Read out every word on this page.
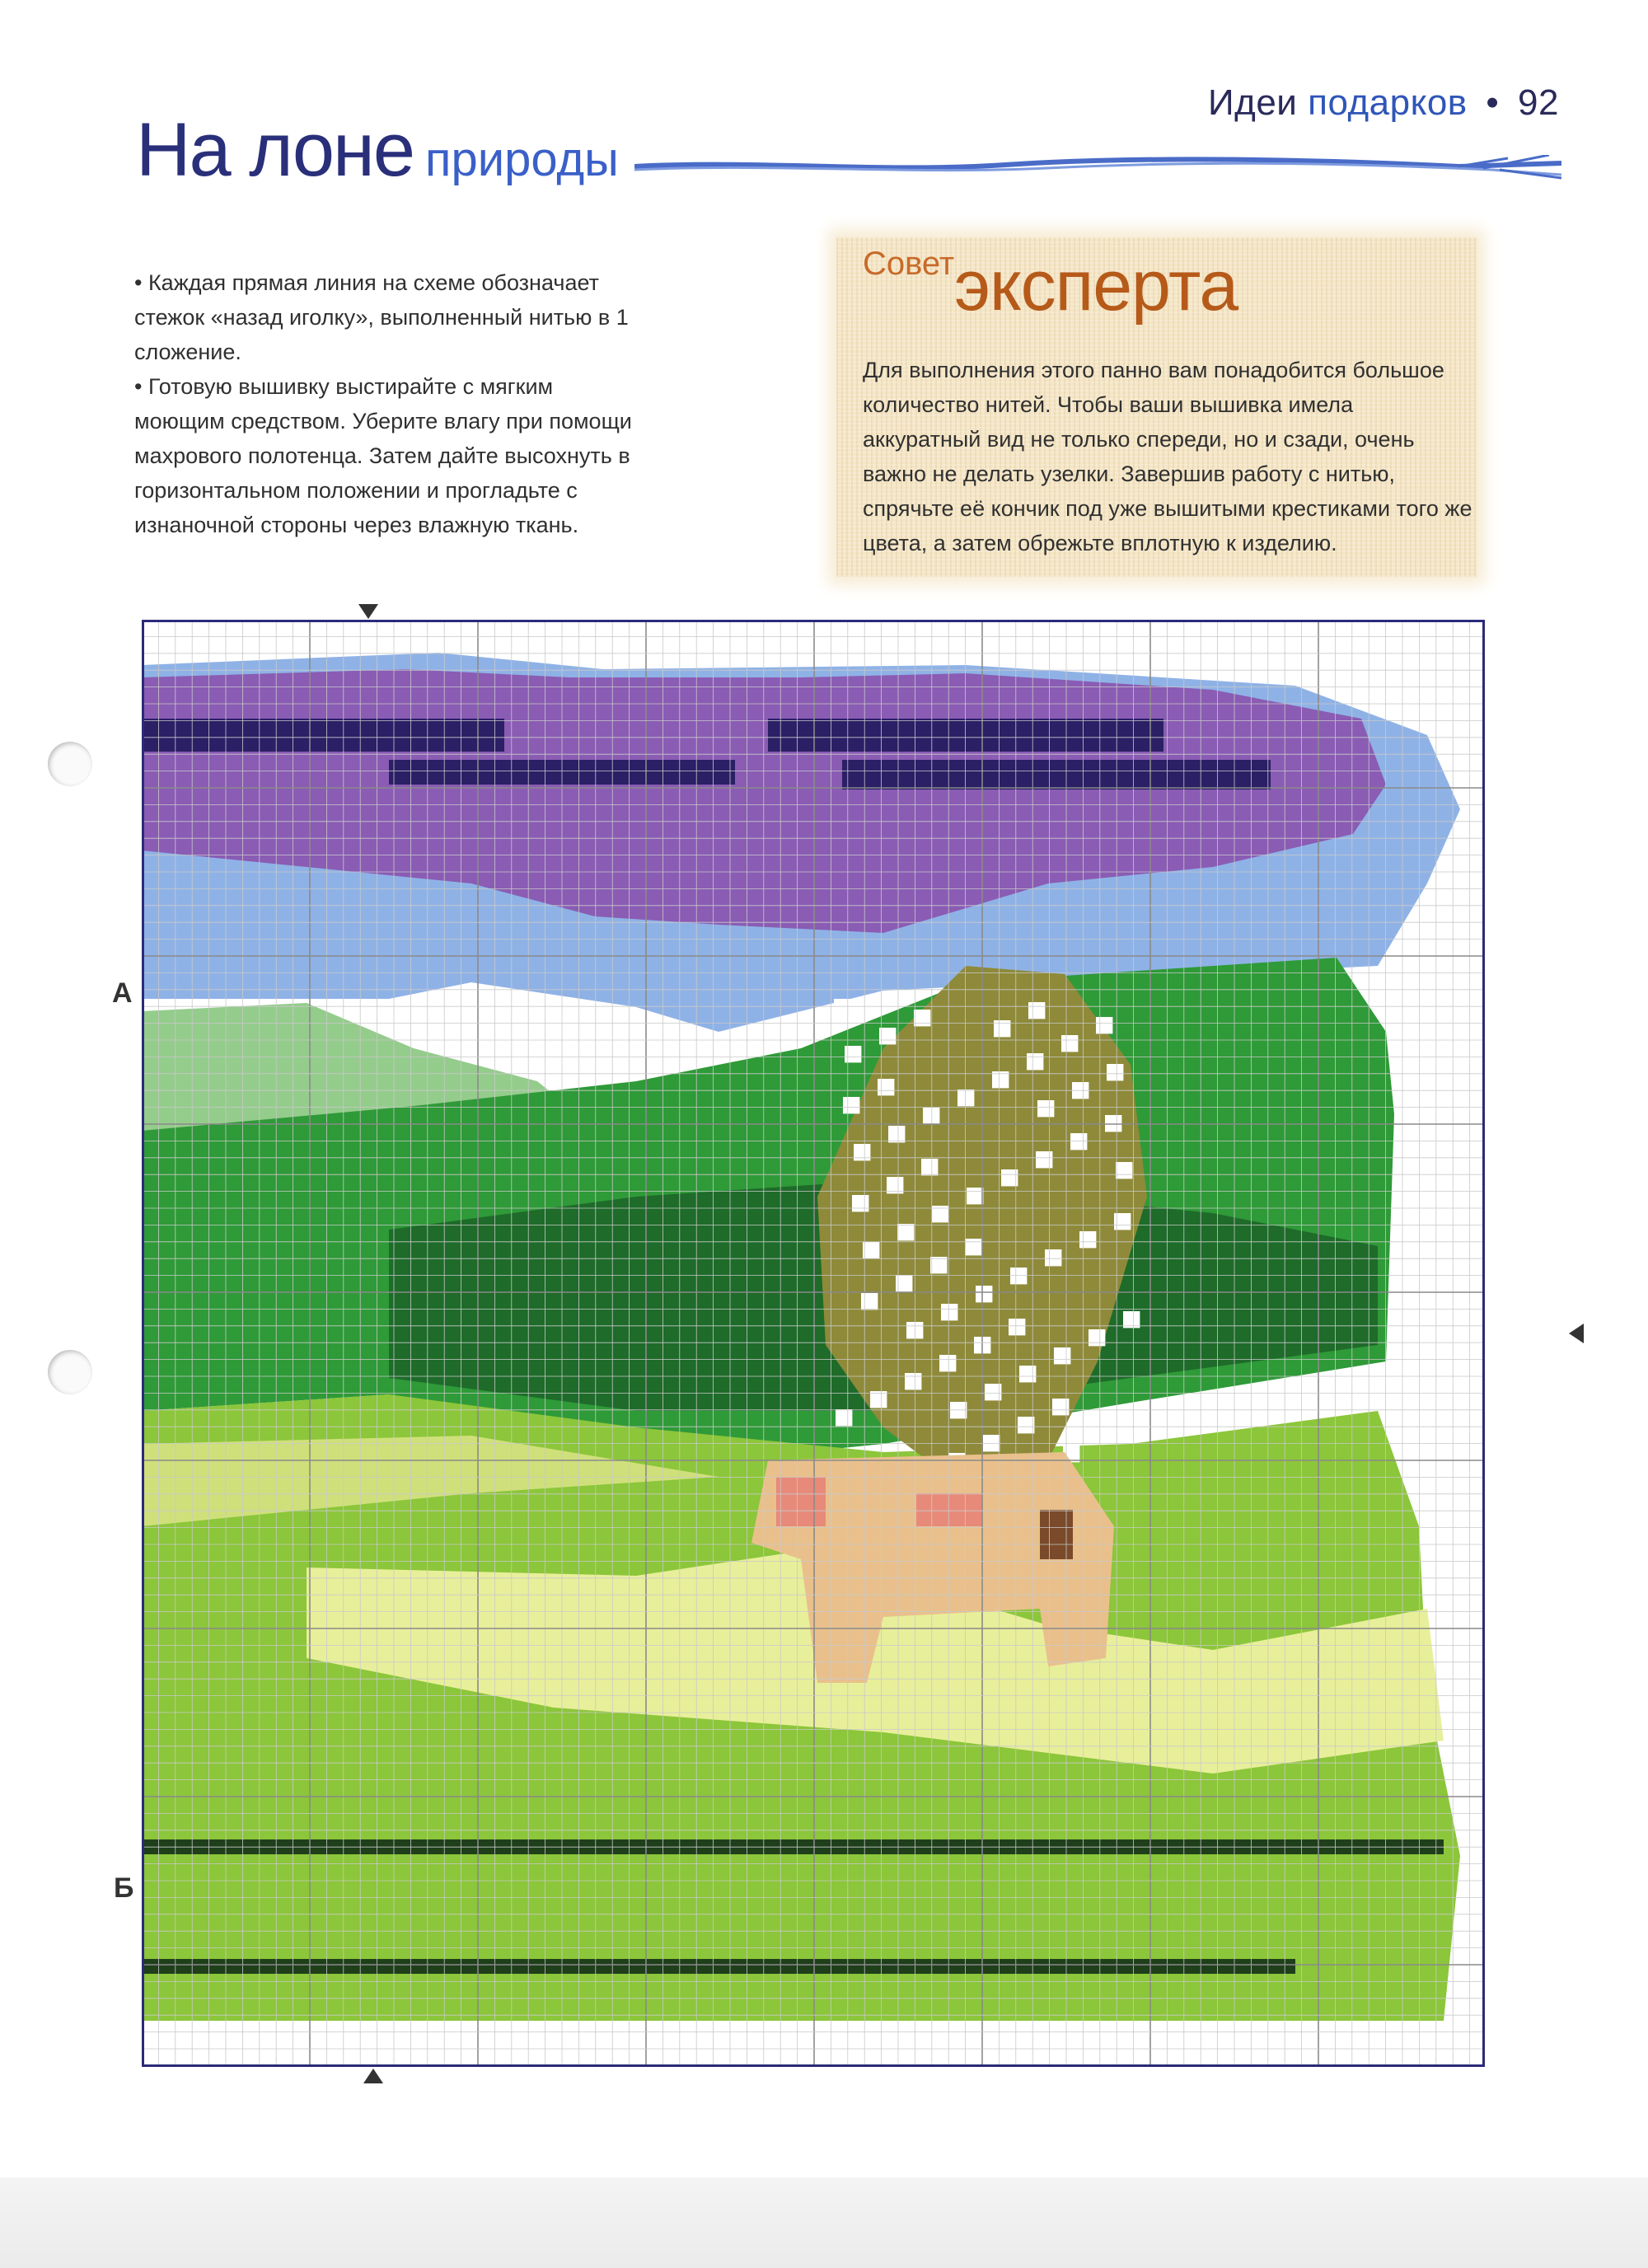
Идеи подарков • 92
На лоне природы

• Каждая прямая линия на схеме обозначает стежок «назад иголку», выполненный нитью в 1 сложение.

• Готовую вышивку выстирайте с мягким моющим средством. Уберите влагу при помощи махрового полотенца. Затем дайте высохнуть в горизонтальном положении и прогладьте с изнаночной стороны через влажную ткань.

Советэксперта
Для выполнения этого панно вам понадобится большое количество нитей. Чтобы ваши вышивка имела аккуратный вид не только спереди, но и сзади, очень важно не делать узелки. Завершив работу с нитью, спрячьте её кончик под уже вышитыми крестиками того же цвета, а затем обрежьте вплотную к изделию.
А
Б
